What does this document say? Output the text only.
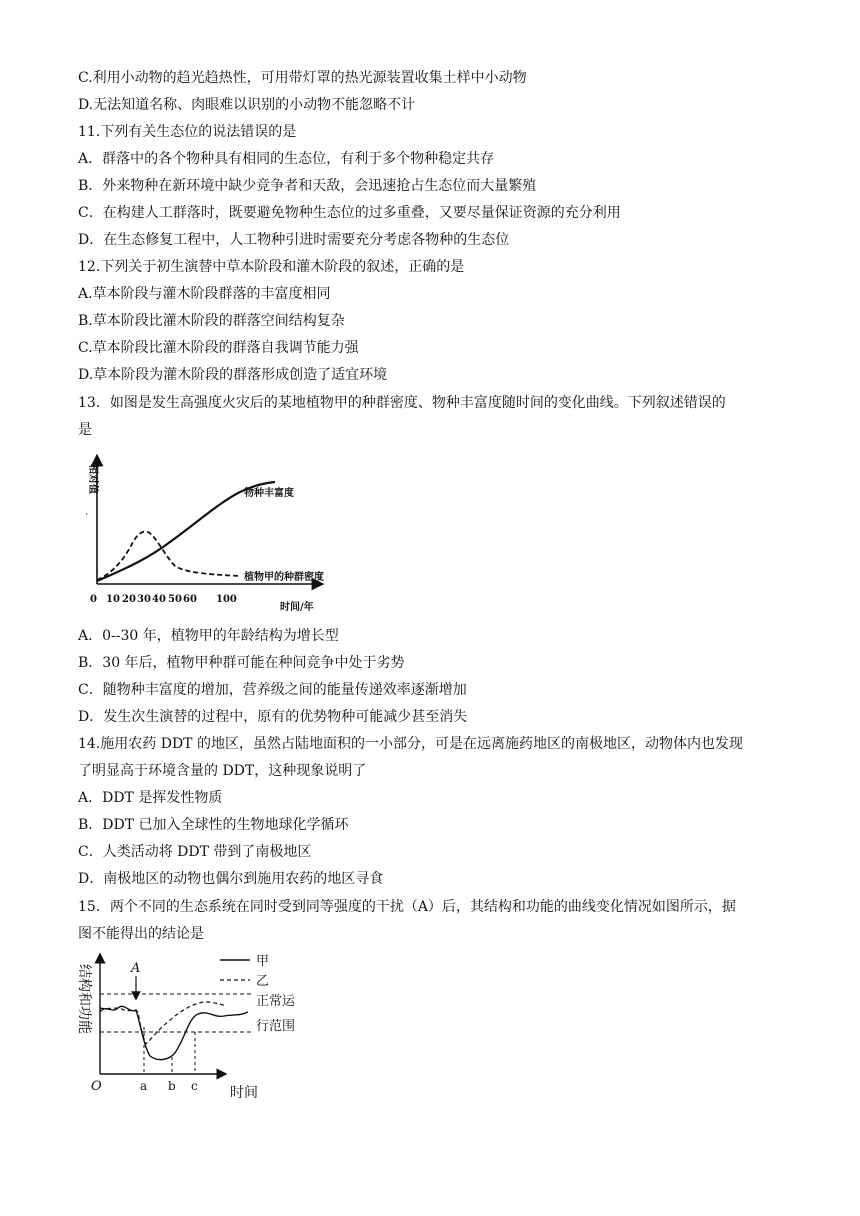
C.利用小动物的趋光趋热性，可用带灯罩的热光源装置收集土样中小动物
D.无法知道名称、肉眼难以识别的小动物不能忽略不计
11.下列有关生态位的说法错误的是
A．群落中的各个物种具有相同的生态位，有利于多个物种稳定共存
B．外来物种在新环境中缺少竞争者和天敌，会迅速抢占生态位而大量繁殖
C．在构建人工群落时，既要避免物种生态位的过多重叠，又要尽量保证资源的充分利用
D．在生态修复工程中，人工物种引进时需要充分考虑各物种的生态位
12.下列关于初生演替中草本阶段和灌木阶段的叙述，正确的是
A.草本阶段与灌木阶段群落的丰富度相同
B.草本阶段比灌木阶段的群落空间结构复杂
C.草本阶段比灌木阶段的群落自我调节能力强
D.草本阶段为灌木阶段的群落形成创造了适宜环境
13．如图是发生高强度火灾后的某地植物甲的种群密度、物种丰富度随时间的变化曲线。下列叙述错误的
是
相对值
.
物种丰富度
植物甲的种群密度
0 10 20 30 40 50 60 100
时间/年
A．0--30 年，植物甲的年龄结构为增长型
B．30 年后，植物甲种群可能在种间竞争中处于劣势
C．随物种丰富度的增加，营养级之间的能量传递效率逐渐增加
D．发生次生演替的过程中，原有的优势物种可能减少甚至消失
14.施用农药 DDT 的地区，虽然占陆地面积的一小部分，可是在远离施药地区的南极地区，动物体内也发现
了明显高于环境含量的 DDT，这种现象说明了
A．DDT 是挥发性物质
B．DDT 已加入全球性的生物地球化学循环
C．人类活动将 DDT 带到了南极地区
D．南极地区的动物也偶尔到施用农药的地区寻食
15．两个不同的生态系统在同时受到同等强度的干扰（A）后，其结构和功能的曲线变化情况如图所示，据
图不能得出的结论是
结构和功能
O
A
a b c 时间
甲
乙
正常运
行范围
